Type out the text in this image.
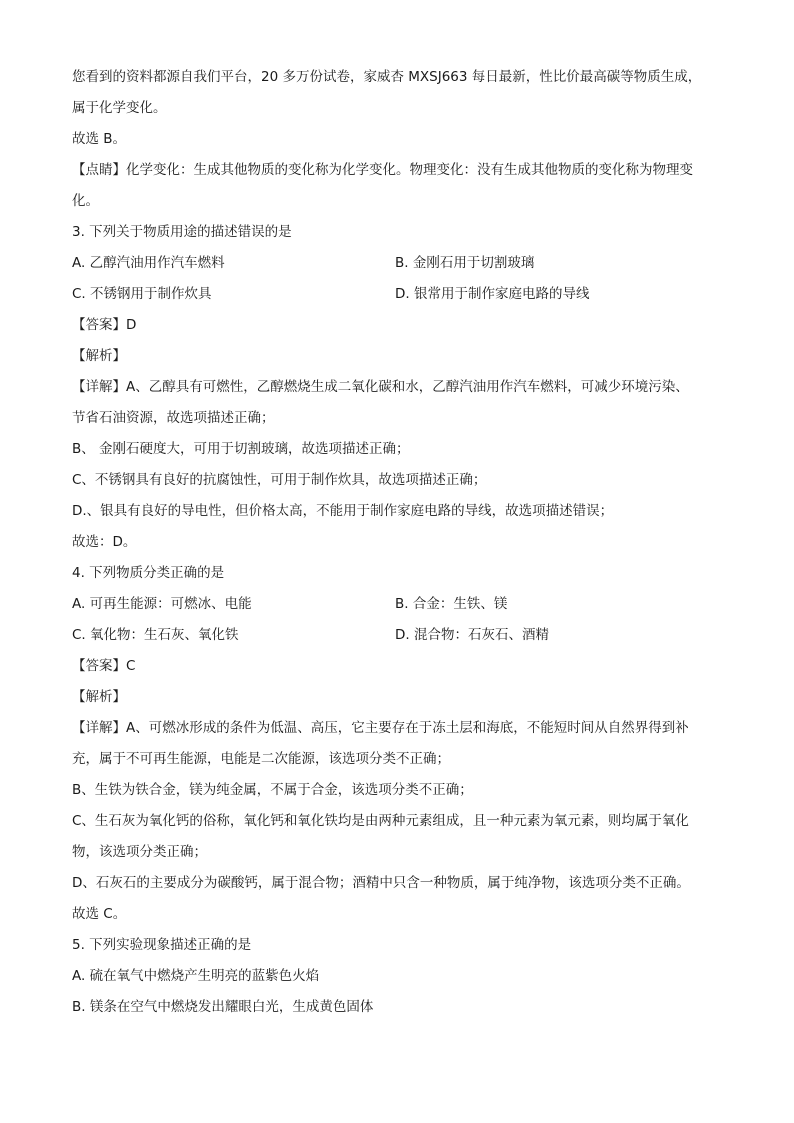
您看到的资料都源自我们平台，20 多万份试卷，家威杏 MXSJ663 每日最新，性比价最高碳等物质生成，
属于化学变化。
故选 B。
【点睛】化学变化：生成其他物质的变化称为化学变化。物理变化：没有生成其他物质的变化称为物理变
化。
3. 下列关于物质用途的描述错误的是
A. 乙醇汽油用作汽车燃料	B. 金刚石用于切割玻璃
C. 不锈钢用于制作炊具	D. 银常用于制作家庭电路的导线
【答案】D
【解析】
【详解】A、乙醇具有可燃性，乙醇燃烧生成二氧化碳和水，乙醇汽油用作汽车燃料，可减少环境污染、
节省石油资源，故选项描述正确；
B、 金刚石硬度大，可用于切割玻璃，故选项描述正确；
C、不锈钢具有良好的抗腐蚀性，可用于制作炊具，故选项描述正确；
D.、银具有良好的导电性，但价格太高，不能用于制作家庭电路的导线，故选项描述错误；
故选：D。
4. 下列物质分类正确的是
A. 可再生能源：可燃冰、电能	B. 合金：生铁、镁
C. 氧化物：生石灰、氧化铁	D. 混合物：石灰石、酒精
【答案】C
【解析】
【详解】A、可燃冰形成的条件为低温、高压，它主要存在于冻土层和海底，不能短时间从自然界得到补
充，属于不可再生能源，电能是二次能源，该选项分类不正确；
B、生铁为铁合金，镁为纯金属，不属于合金，该选项分类不正确；
C、生石灰为氧化钙的俗称，氧化钙和氧化铁均是由两种元素组成，且一种元素为氧元素，则均属于氧化
物，该选项分类正确；
D、石灰石的主要成分为碳酸钙，属于混合物；酒精中只含一种物质，属于纯净物，该选项分类不正确。
故选 C。
5. 下列实验现象描述正确的是
A. 硫在氧气中燃烧产生明亮的蓝紫色火焰
B. 镁条在空气中燃烧发出耀眼白光，生成黄色固体
